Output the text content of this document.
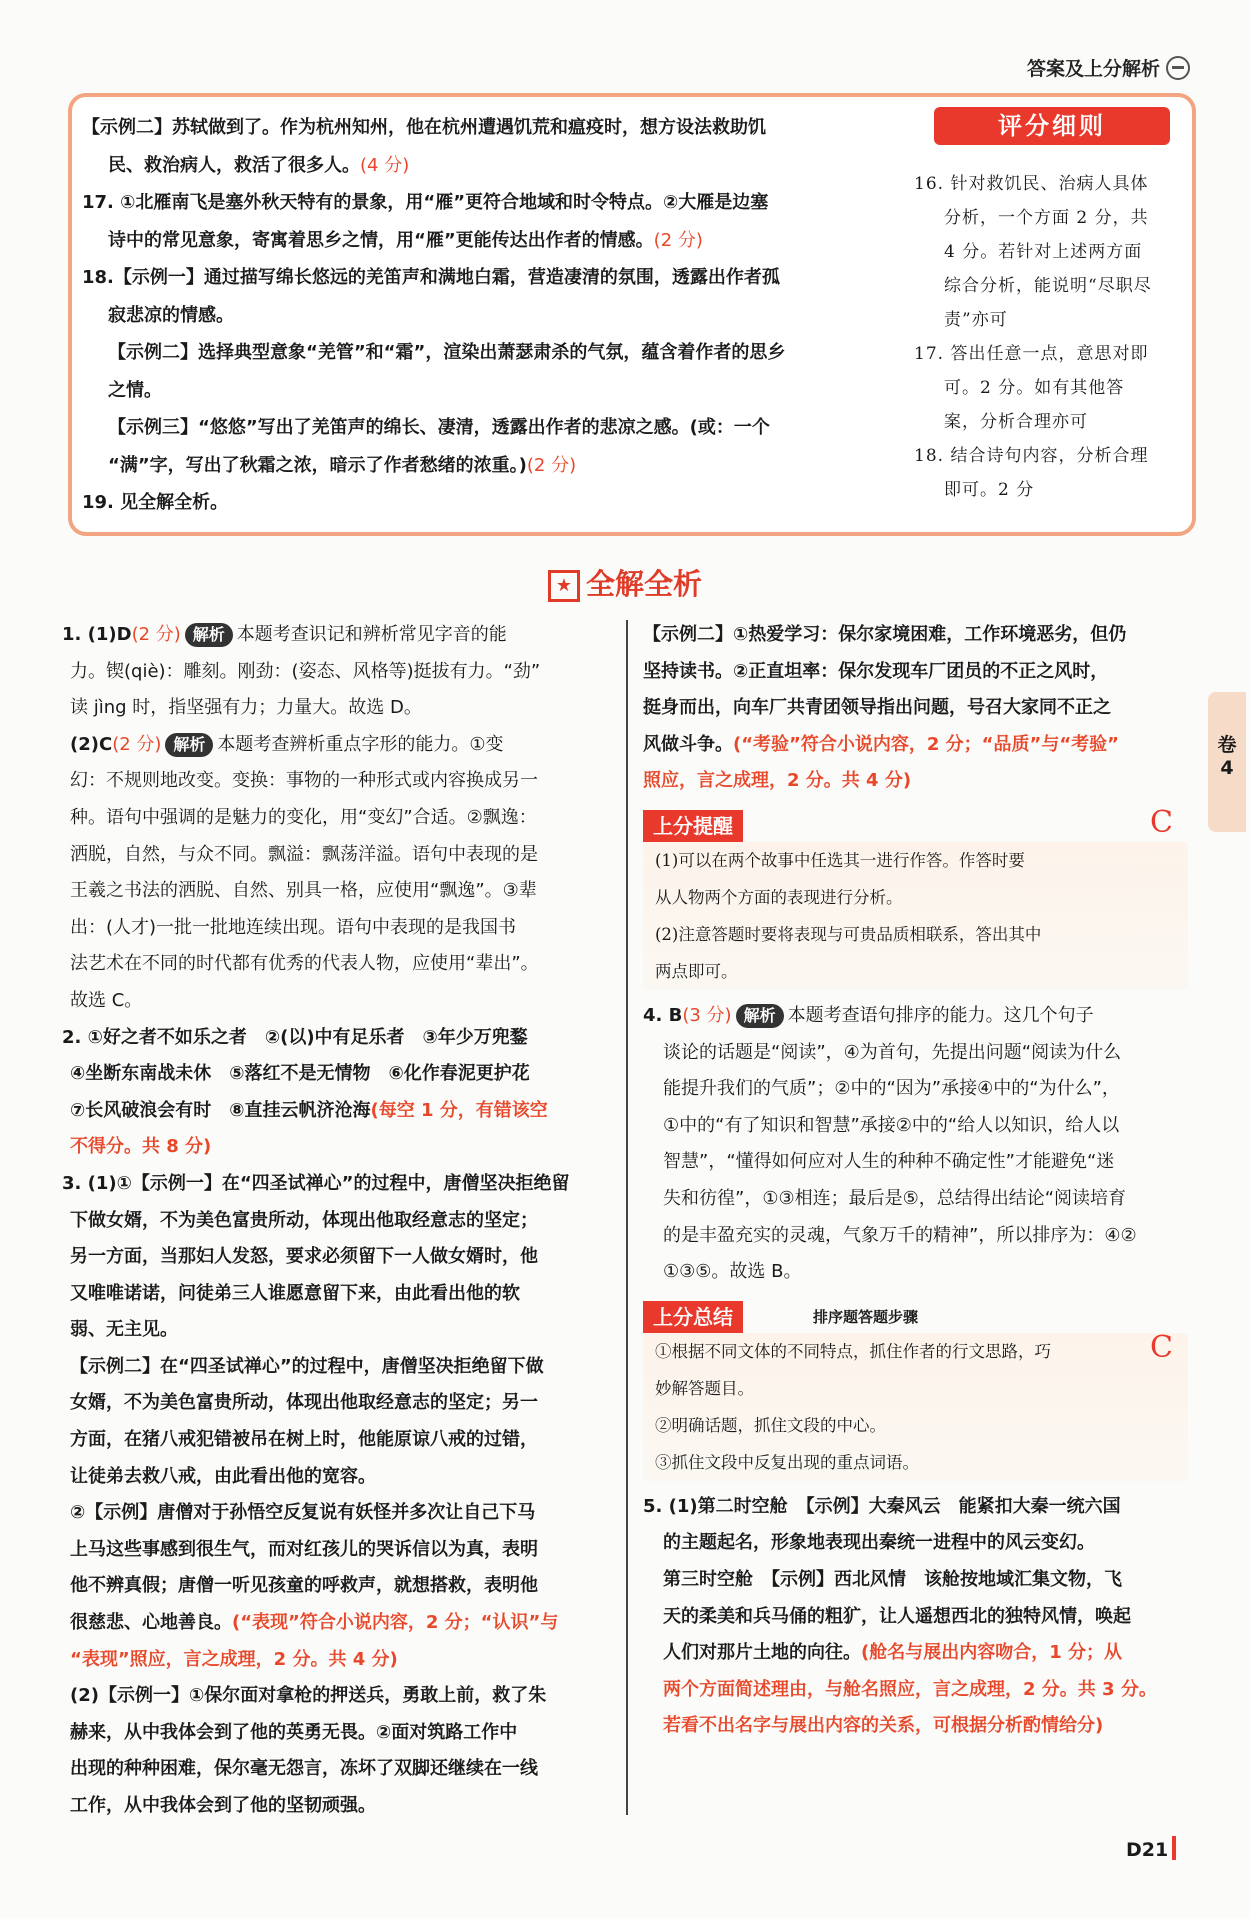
答案及上分解析

【示例二】苏轼做到了。作为杭州知州，他在杭州遭遇饥荒和瘟疫时，想方设法救助饥

民、救治病人，救活了很多人。(4 分)

17. ①北雁南飞是塞外秋天特有的景象，用“雁”更符合地域和时令特点。②大雁是边塞

诗中的常见意象，寄寓着思乡之情，用“雁”更能传达出作者的情感。(2 分)

18.【示例一】通过描写绵长悠远的羌笛声和满地白霜，营造凄清的氛围，透露出作者孤

寂悲凉的情感。

【示例二】选择典型意象“羌管”和“霜”，渲染出萧瑟肃杀的气氛，蕴含着作者的思乡

之情。

【示例三】“悠悠”写出了羌笛声的绵长、凄清，透露出作者的悲凉之感。(或：一个

“满”字，写出了秋霜之浓，暗示了作者愁绪的浓重。)(2 分)

19. 见全解全析。

评分细则

16. 针对救饥民、治病人具体

分析，一个方面 2 分，共

4 分。若针对上述两方面

综合分析，能说明“尽职尽

责”亦可

17. 答出任意一点，意思对即

可。2 分。如有其他答

案，分析合理亦可

18. 结合诗句内容，分析合理

即可。2 分

★ 全解全析

1. (1)D(2 分) 解析 本题考查识记和辨析常见字音的能

力。锲(qiè)：雕刻。刚劲：(姿态、风格等)挺拔有力。“劲”

读 jìng 时，指坚强有力；力量大。故选 D。

(2)C(2 分) 解析 本题考查辨析重点字形的能力。①变

幻：不规则地改变。变换：事物的一种形式或内容换成另一

种。语句中强调的是魅力的变化，用“变幻”合适。②飘逸：

洒脱，自然，与众不同。飘溢：飘荡洋溢。语句中表现的是

王羲之书法的洒脱、自然、别具一格，应使用“飘逸”。③辈

出：(人才)一批一批地连续出现。语句中表现的是我国书

法艺术在不同的时代都有优秀的代表人物，应使用“辈出”。

故选 C。

2. ①好之者不如乐之者　②(以)中有足乐者　③年少万兜鍪

④坐断东南战未休　⑤落红不是无情物　⑥化作春泥更护花

⑦长风破浪会有时　⑧直挂云帆济沧海(每空 1 分，有错该空

不得分。共 8 分)

3. (1)①【示例一】在“四圣试禅心”的过程中，唐僧坚决拒绝留

下做女婿，不为美色富贵所动，体现出他取经意志的坚定；

另一方面，当那妇人发怒，要求必须留下一人做女婿时，他

又唯唯诺诺，问徒弟三人谁愿意留下来，由此看出他的软

弱、无主见。

【示例二】在“四圣试禅心”的过程中，唐僧坚决拒绝留下做

女婿，不为美色富贵所动，体现出他取经意志的坚定；另一

方面，在猪八戒犯错被吊在树上时，他能原谅八戒的过错，

让徒弟去救八戒，由此看出他的宽容。

②【示例】唐僧对于孙悟空反复说有妖怪并多次让自己下马

上马这些事感到很生气，而对红孩儿的哭诉信以为真，表明

他不辨真假；唐僧一听见孩童的呼救声，就想搭救，表明他

很慈悲、心地善良。(“表现”符合小说内容，2 分；“认识”与

“表现”照应，言之成理，2 分。共 4 分)

(2)【示例一】①保尔面对拿枪的押送兵，勇敢上前，救了朱

赫来，从中我体会到了他的英勇无畏。②面对筑路工作中

出现的种种困难，保尔毫无怨言，冻坏了双脚还继续在一线

工作，从中我体会到了他的坚韧顽强。

【示例二】①热爱学习：保尔家境困难，工作环境恶劣，但仍

坚持读书。②正直坦率：保尔发现车厂团员的不正之风时，

挺身而出，向车厂共青团领导指出问题，号召大家同不正之

风做斗争。(“考验”符合小说内容，2 分；“品质”与“考验”

照应，言之成理，2 分。共 4 分)

上分提醒

(1)可以在两个故事中任选其一进行作答。作答时要

从人物两个方面的表现进行分析。

(2)注意答题时要将表现与可贵品质相联系，答出其中

两点即可。

4. B(3 分) 解析 本题考查语句排序的能力。这几个句子

谈论的话题是“阅读”，④为首句，先提出问题“阅读为什么

能提升我们的气质”；②中的“因为”承接④中的“为什么”，

①中的“有了知识和智慧”承接②中的“给人以知识，给人以

智慧”，“懂得如何应对人生的种种不确定性”才能避免“迷

失和彷徨”，①③相连；最后是⑤，总结得出结论“阅读培育

的是丰盈充实的灵魂，气象万千的精神”，所以排序为：④②

①③⑤。故选 B。

上分总结	排序题答题步骤

①根据不同文体的不同特点，抓住作者的行文思路，巧

妙解答题目。

②明确话题，抓住文段的中心。

③抓住文段中反复出现的重点词语。

5. (1)第二时空舱　【示例】大秦风云　能紧扣大秦一统六国

的主题起名，形象地表现出秦统一进程中的风云变幻。

第三时空舱　【示例】西北风情　该舱按地域汇集文物，飞

天的柔美和兵马俑的粗犷，让人遥想西北的独特风情，唤起

人们对那片土地的向往。(舱名与展出内容吻合，1 分；从

两个方面简述理由，与舱名照应，言之成理，2 分。共 3 分。

若看不出名字与展出内容的关系，可根据分析酌情给分)

C
C
卷
4
D21
